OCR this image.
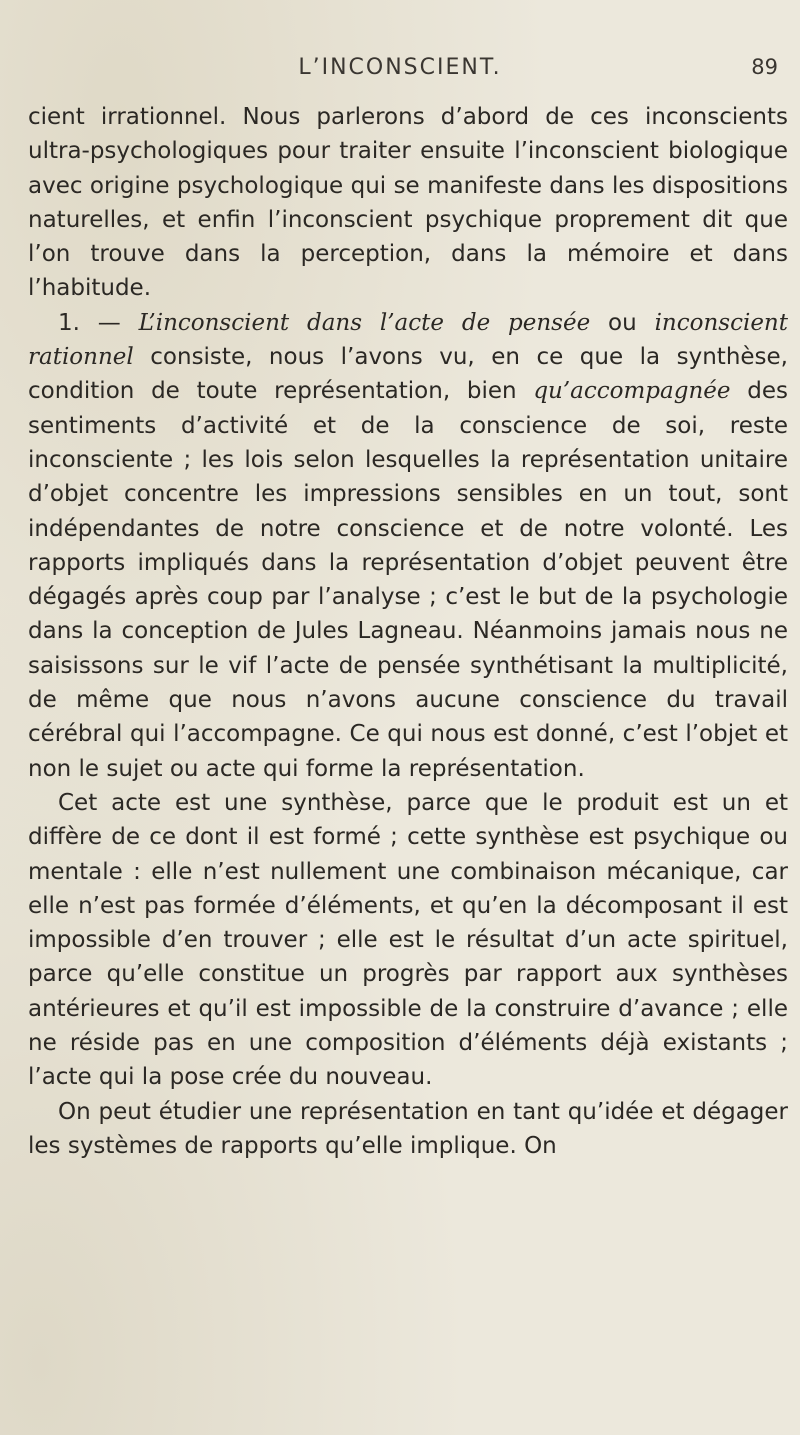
L’INCONSCIENT.	89

cient irrationnel. Nous parlerons d’abord de ces inconscients ultra-psychologiques pour traiter ensuite l’inconscient biologique avec origine psychologique qui se manifeste dans les dispositions naturelles, et enfin l’inconscient psychique proprement dit que l’on trouve dans la perception, dans la mémoire et dans l’habitude.

1. — L’inconscient dans l’acte de pensée ou inconscient rationnel consiste, nous l’avons vu, en ce que la synthèse, condition de toute représentation, bien qu’accompagnée des sentiments d’activité et de la conscience de soi, reste inconsciente ; les lois selon lesquelles la représentation unitaire d’objet concentre les impressions sensibles en un tout, sont indépendantes de notre conscience et de notre volonté. Les rapports impliqués dans la représentation d’objet peuvent être dégagés après coup par l’analyse ; c’est le but de la psychologie dans la conception de Jules Lagneau. Néanmoins jamais nous ne saisissons sur le vif l’acte de pensée synthétisant la multiplicité, de même que nous n’avons aucune conscience du travail cérébral qui l’accompagne. Ce qui nous est donné, c’est l’objet et non le sujet ou acte qui forme la représentation.

Cet acte est une synthèse, parce que le produit est un et diffère de ce dont il est formé ; cette synthèse est psychique ou mentale : elle n’est nullement une combinaison mécanique, car elle n’est pas formée d’éléments, et qu’en la décomposant il est impossible d’en trouver ; elle est le résultat d’un acte spirituel, parce qu’elle constitue un progrès par rapport aux synthèses antérieures et qu’il est impossible de la construire d’avance ; elle ne réside pas en une composition d’éléments déjà existants ; l’acte qui la pose crée du nouveau.

On peut étudier une représentation en tant qu’idée et dégager les systèmes de rapports qu’elle implique. On
